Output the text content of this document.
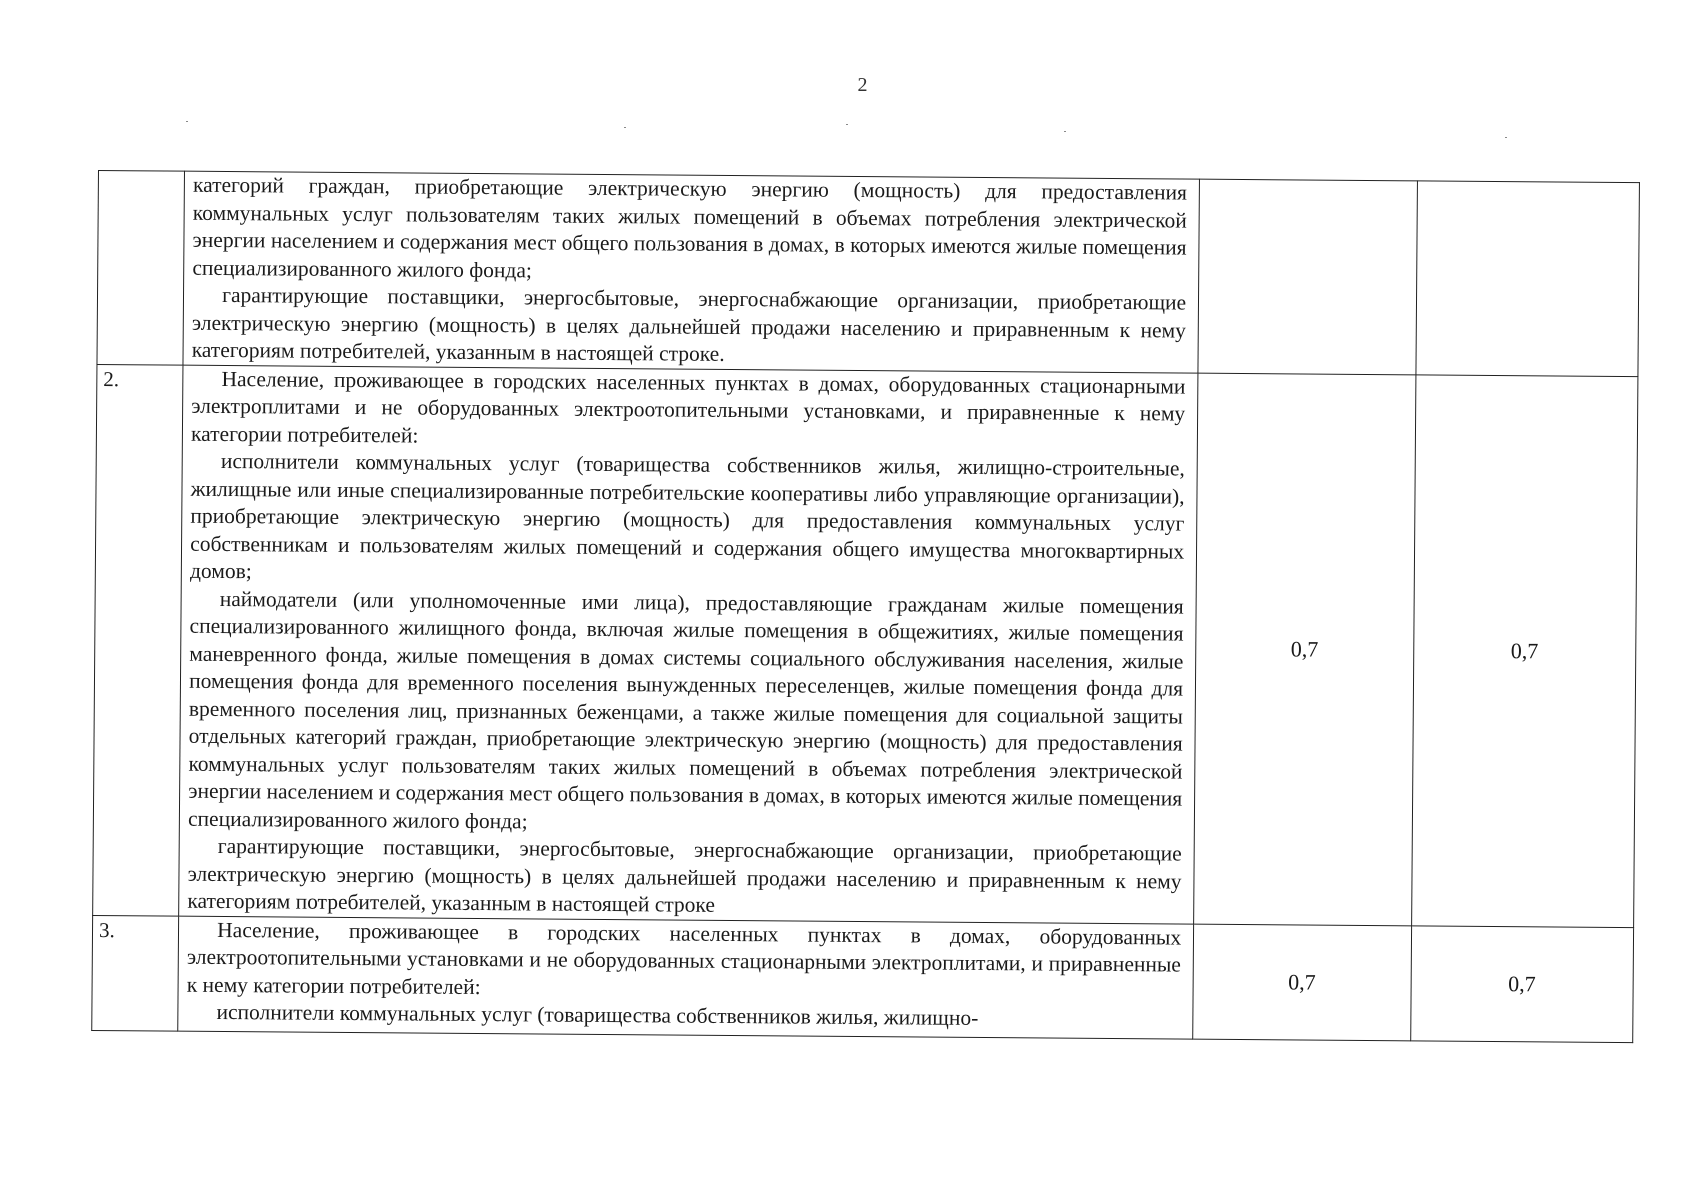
2

	категорий граждан, приобретающие электрическую энергию (мощность) для предоставления коммунальных услуг пользователям таких жилых помещений в объемах потребления электрической энергии населением и содержания мест общего пользования в домах, в которых имеются жилые помещения специализированного жилого фонда;

гарантирующие поставщики, энергосбытовые, энергоснабжающие организации, приобретающие электрическую энергию (мощность) в целях дальнейшей продажи населению и приравненным к нему категориям потребителей, указанным в настоящей строке.		

2.	Население, проживающее в городских населенных пунктах в домах, оборудованных стационарными электроплитами и не оборудованных электроотопительными установками, и приравненные к нему категории потребителей:

исполнители коммунальных услуг (товарищества собственников жилья, жилищно-строительные, жилищные или иные специализированные потребительские кооперативы либо управляющие организации), приобретающие электрическую энергию (мощность) для предоставления коммунальных услуг собственникам и пользователям жилых помещений и содержания общего имущества многоквартирных домов;

наймодатели (или уполномоченные ими лица), предоставляющие гражданам жилые помещения специализированного жилищного фонда, включая жилые помещения в общежитиях, жилые помещения маневренного фонда, жилые помещения в домах системы социального обслуживания населения, жилые помещения фонда для временного поселения вынужденных переселенцев, жилые помещения фонда для временного поселения лиц, признанных беженцами, а также жилые помещения для социальной защиты отдельных категорий граждан, приобретающие электрическую энергию (мощность) для предоставления коммунальных услуг пользователям таких жилых помещений в объемах потребления электрической энергии населением и содержания мест общего пользования в домах, в которых имеются жилые помещения специализированного жилого фонда;

гарантирующие поставщики, энергосбытовые, энергоснабжающие организации, приобретающие электрическую энергию (мощность) в целях дальнейшей продажи населению и приравненным к нему категориям потребителей, указанным в настоящей строке	0,7	0,7
3.	Население, проживающее в городских населенных пунктах в домах, оборудованных электроотопительными установками и не оборудованных стационарными электроплитами, и приравненные к нему категории потребителей:

исполнители коммунальных услуг (товарищества собственников жилья, жилищно-	0,7	0,7
